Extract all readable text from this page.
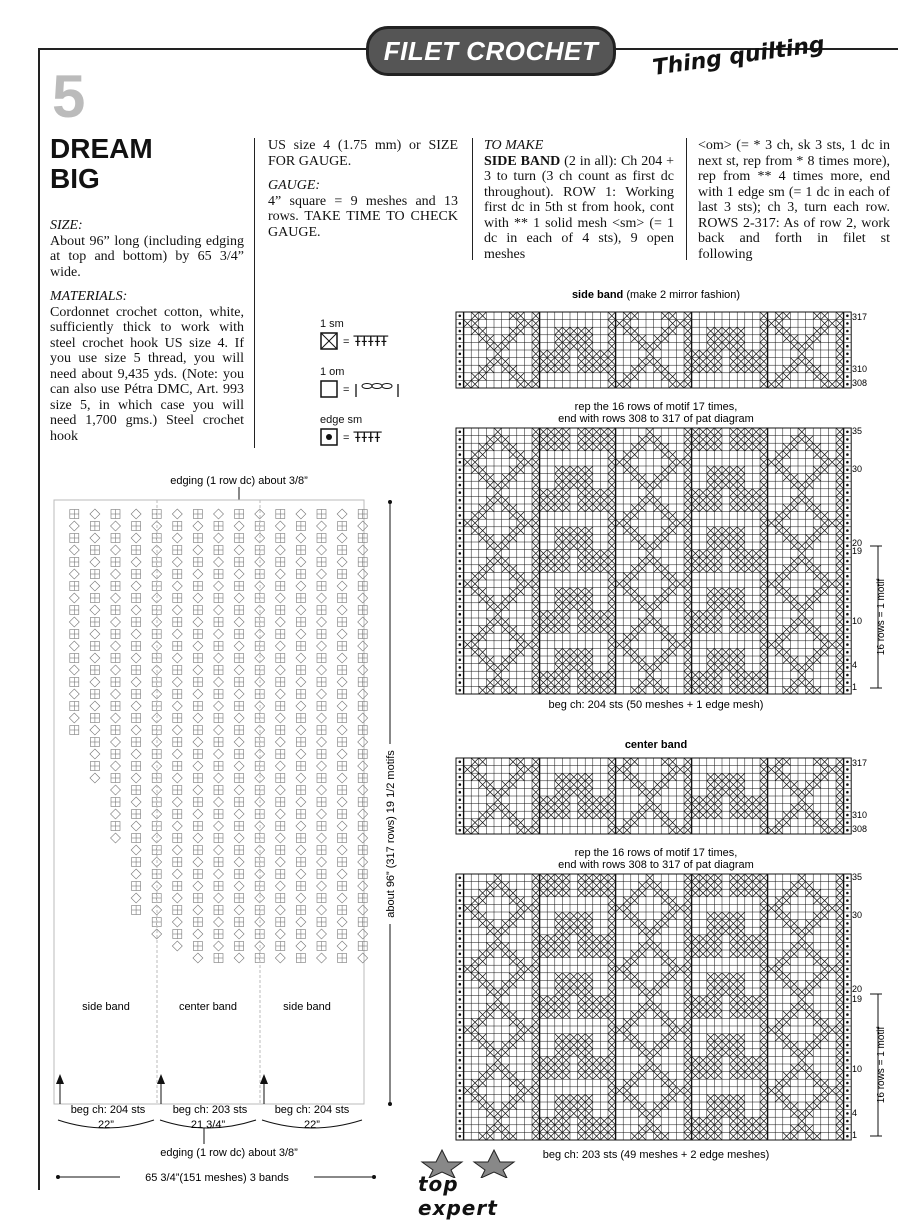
FILET CROCHET Thing quilting
5
DREAM
BIG
SIZE:
About 96” long (including edging at top and bottom) by 65 3/4” wide.
MATERIALS:
Cordonnet crochet cotton, white, sufficiently thick to work with steel crochet hook US size 4. If you use size 5 thread, you will need about 9,435 yds. (Note: you can also use Pétra DMC, Art. 993 size 5, in which case you will need 1,700 gms.) Steel crochet hook
US size 4 (1.75 mm) or SIZE FOR GAUGE.
GAUGE:
4” square = 9 meshes and 13 rows. TAKE TIME TO CHECK GAUGE.
TO MAKE
SIDE BAND (2 in all): Ch 204 + 3 to turn (3 ch count as first dc throughout). ROW 1: Working first dc in 5th st from hook, cont with ** 1 solid mesh <sm> (= 1 dc in each of 4 sts), 9 open meshes
<om> (= * 3 ch, sk 3 sts, 1 dc in next st, rep from * 8 times more), rep from ** 4 times more, end with 1 edge sm (= 1 dc in each of last 3 sts); ch 3, turn each row. ROWS 2-317: As of row 2, work back and forth in filet st following
1 sm
= ŦŦŦŦŦ
1 om
=
edge sm
= ŦŦŦŦ
edging (1 row dc) about 3/8”
side band	center band	side band
beg ch: 204 sts beg ch: 203 sts beg ch: 204 sts
22”	21 3/4”	22”
edging (1 row dc) about 3/8”
65 3/4”(151 meshes) 3 bands
about 96” (317 rows) 19 1/2 motifs
side band (make 2 mirror fashion)
rep the 16 rows of motif 17 times,
end with rows 308 to 317 of pat diagram
beg ch: 204 sts (50 meshes + 1 edge mesh)
317
310
308
35
30
20
19
10
4
1
16 rows = 1 motif
center band
rep the 16 rows of motif 17 times,
end with rows 308 to 317 of pat diagram
beg ch: 203 sts (49 meshes + 2 edge meshes)
317
310
308
35
30
20
19
10
4
1
16 rows = 1 motif
top expert
